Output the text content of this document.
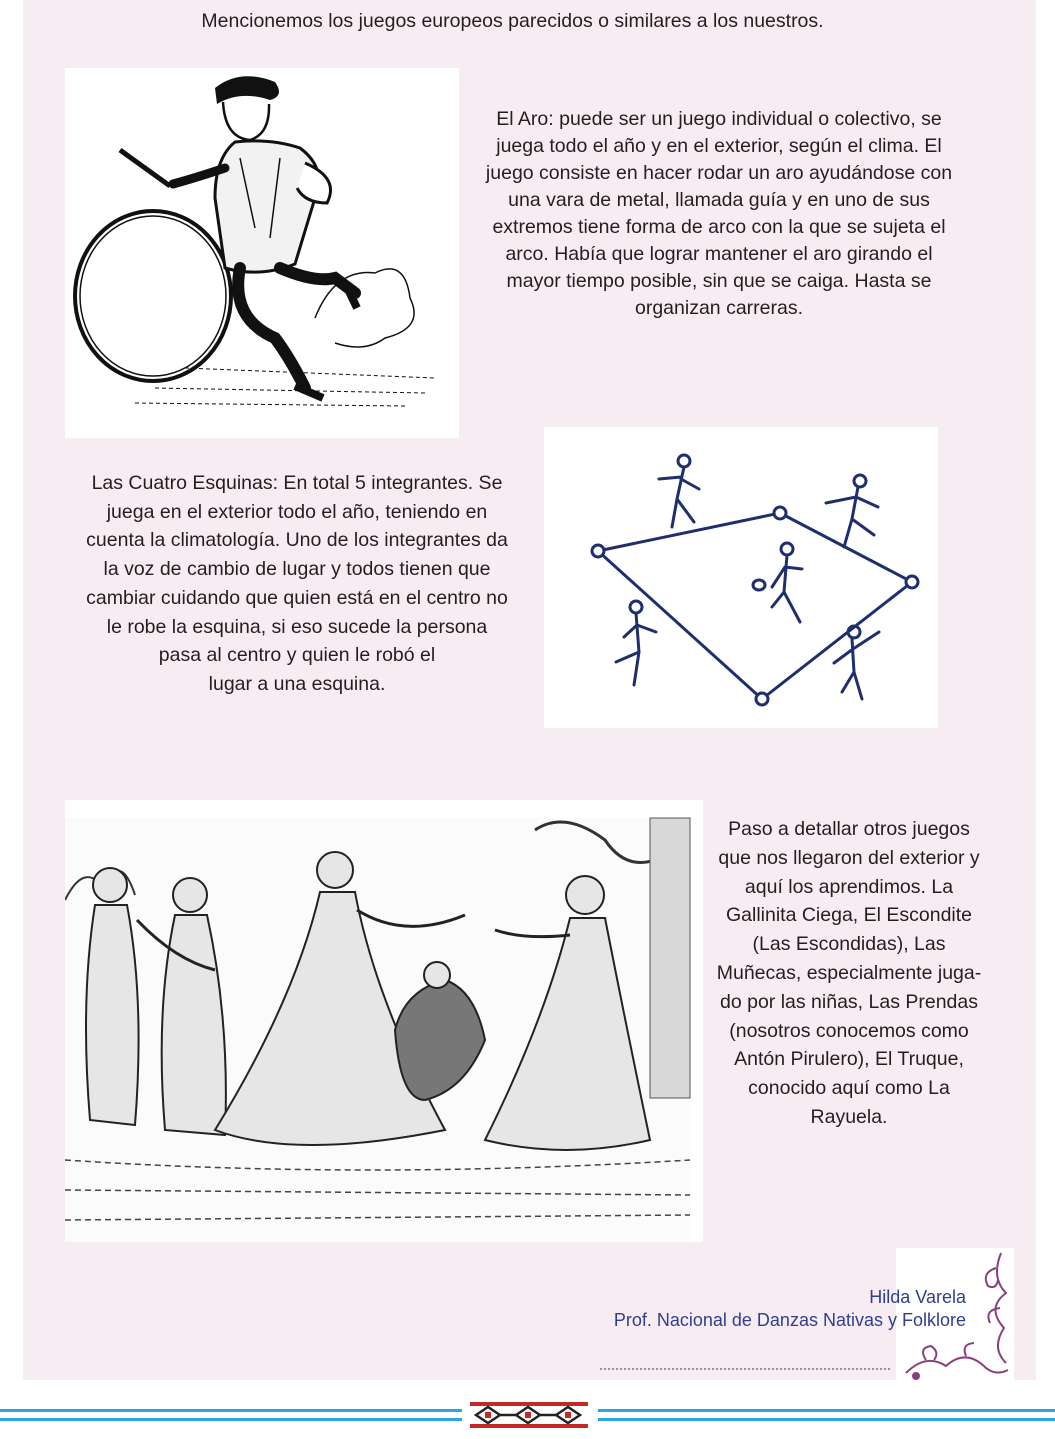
Mencionemos los juegos europeos parecidos o similares a los nuestros.
El Aro: puede ser un juego individual o colectivo, se
juega todo el año y en el exterior, según el clima. El
juego consiste en hacer rodar un aro ayudándose con
una vara de metal, llamada guía y en uno de sus
extremos tiene forma de arco con la que se sujeta el
arco. Había que lograr mantener el aro girando el
mayor tiempo posible, sin que se caiga. Hasta se
organizan carreras.
Las Cuatro Esquinas: En total 5 integrantes. Se
juega en el exterior todo el año, teniendo en
cuenta la climatología. Uno de los integrantes da
la voz de cambio de lugar y todos tienen que
cambiar cuidando que quien está en el centro no
le robe la esquina, si eso sucede la persona
pasa al centro y quien le robó el
lugar a una esquina.
Paso a detallar otros juegos
que nos llegaron del exterior y
aquí los aprendimos. La
Gallinita Ciega, El Escondite
(Las Escondidas), Las
Muñecas, especialmente juga-
do por las niñas, Las Prendas
(nosotros conocemos como
Antón Pirulero), El Truque,
conocido aquí como La
Rayuela.
Hilda Varela
Prof. Nacional de Danzas Nativas y Folklore
